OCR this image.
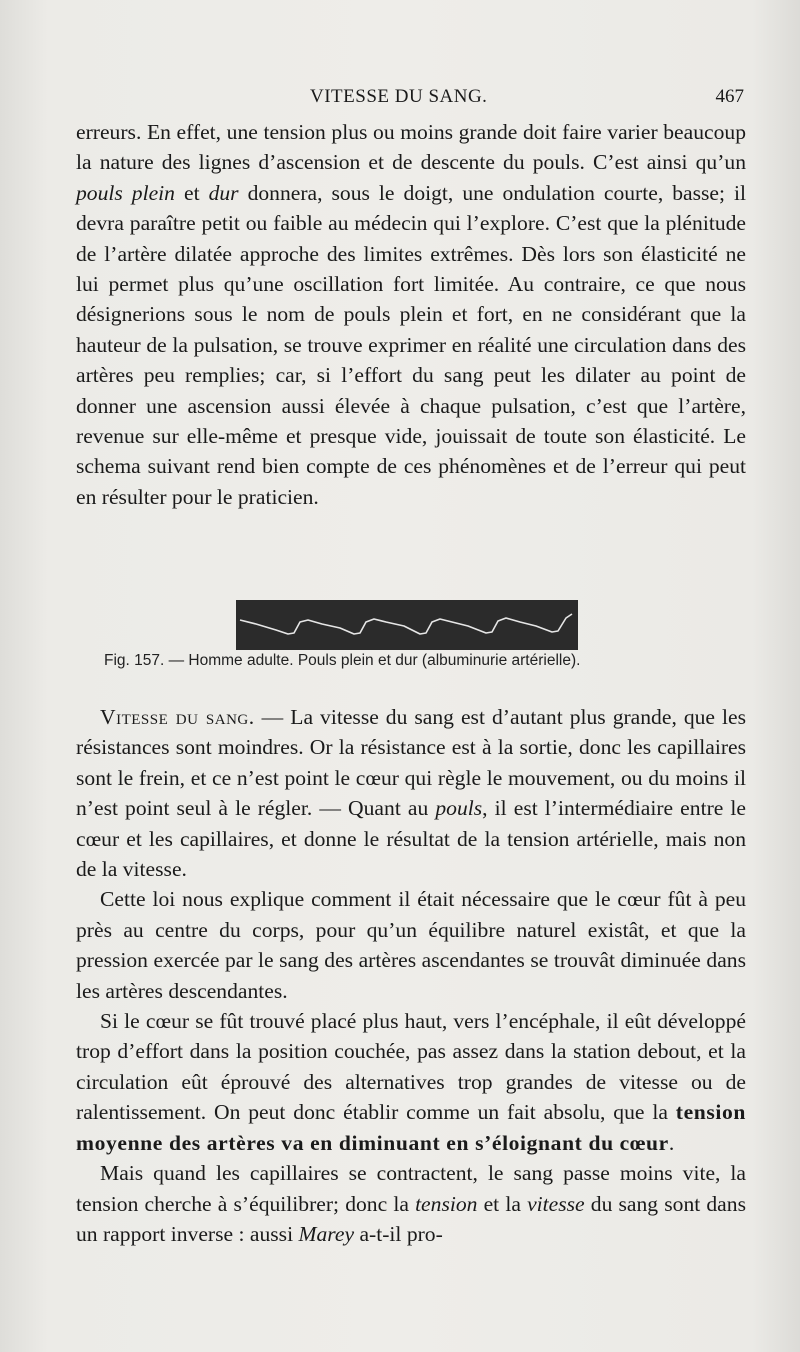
VITESSE DU SANG.	467

erreurs. En effet, une tension plus ou moins grande doit faire varier beaucoup la nature des lignes d’ascension et de descente du pouls. C’est ainsi qu’un pouls plein et dur donnera, sous le doigt, une ondulation courte, basse; il devra paraître petit ou faible au médecin qui l’explore. C’est que la plénitude de l’artère dilatée approche des limites extrêmes. Dès lors son élasticité ne lui permet plus qu’une oscillation fort limitée. Au contraire, ce que nous désignerions sous le nom de pouls plein et fort, en ne considérant que la hauteur de la pulsation, se trouve exprimer en réalité une circulation dans des artères peu remplies; car, si l’effort du sang peut les dilater au point de donner une ascension aussi élevée à chaque pulsation, c’est que l’artère, revenue sur elle-même et presque vide, jouissait de toute son élasticité. Le schema suivant rend bien compte de ces phénomènes et de l’erreur qui peut en résulter pour le praticien.

Fig. 157. — Homme adulte. Pouls plein et dur (albuminurie artérielle).

Vitesse du sang. — La vitesse du sang est d’autant plus grande, que les résistances sont moindres. Or la résistance est à la sortie, donc les capillaires sont le frein, et ce n’est point le cœur qui règle le mouvement, ou du moins il n’est point seul à le régler. — Quant au pouls, il est l’intermédiaire entre le cœur et les capillaires, et donne le résultat de la tension artérielle, mais non de la vitesse.

Cette loi nous explique comment il était nécessaire que le cœur fût à peu près au centre du corps, pour qu’un équilibre naturel existât, et que la pression exercée par le sang des artères ascendantes se trouvât diminuée dans les artères descendantes.

Si le cœur se fût trouvé placé plus haut, vers l’encéphale, il eût développé trop d’effort dans la position couchée, pas assez dans la station debout, et la circulation eût éprouvé des alternatives trop grandes de vitesse ou de ralentissement. On peut donc établir comme un fait absolu, que la tension moyenne des artères va en diminuant en s’éloignant du cœur.

Mais quand les capillaires se contractent, le sang passe moins vite, la tension cherche à s’équilibrer; donc la tension et la vitesse du sang sont dans un rapport inverse : aussi Marey a-t-il pro-
